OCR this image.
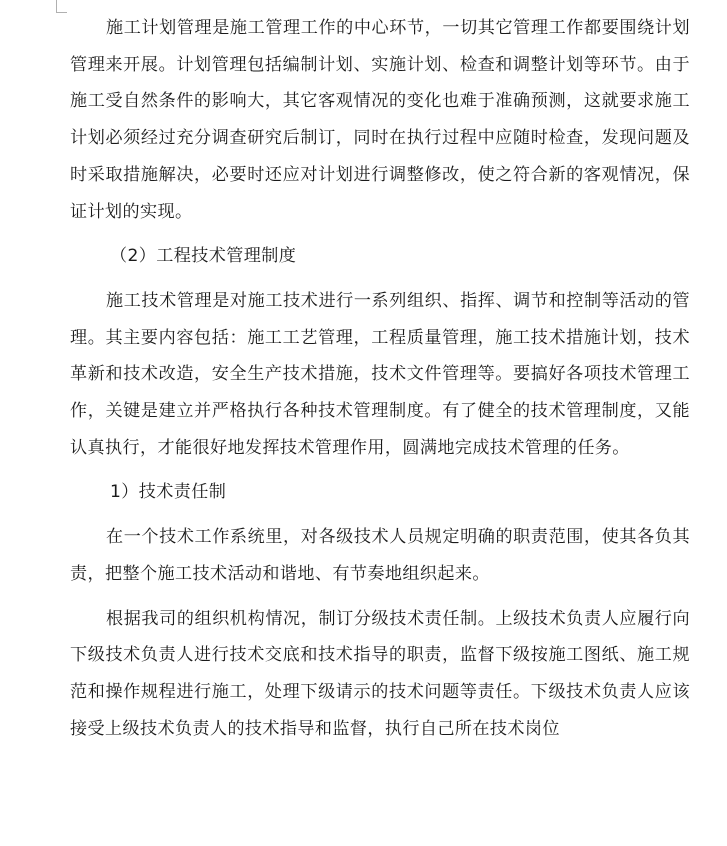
施工计划管理是施工管理工作的中心环节，一切其它管理工作都要围绕计划管理来开展。计划管理包括编制计划、实施计划、检查和调整计划等环节。由于施工受自然条件的影响大，其它客观情况的变化也难于准确预测，这就要求施工计划必须经过充分调查研究后制订，同时在执行过程中应随时检查，发现问题及时采取措施解决，必要时还应对计划进行调整修改，使之符合新的客观情况，保证计划的实现。

（2）工程技术管理制度

施工技术管理是对施工技术进行一系列组织、指挥、调节和控制等活动的管理。其主要内容包括：施工工艺管理，工程质量管理，施工技术措施计划，技术革新和技术改造，安全生产技术措施，技术文件管理等。要搞好各项技术管理工作，关键是建立并严格执行各种技术管理制度。有了健全的技术管理制度，又能认真执行，才能很好地发挥技术管理作用，圆满地完成技术管理的任务。

1）技术责任制

在一个技术工作系统里，对各级技术人员规定明确的职责范围，使其各负其责，把整个施工技术活动和谐地、有节奏地组织起来。

根据我司的组织机构情况，制订分级技术责任制。上级技术负责人应履行向下级技术负责人进行技术交底和技术指导的职责，监督下级按施工图纸、施工规范和操作规程进行施工，处理下级请示的技术问题等责任。下级技术负责人应该接受上级技术负责人的技术指导和监督，执行自己所在技术岗位
